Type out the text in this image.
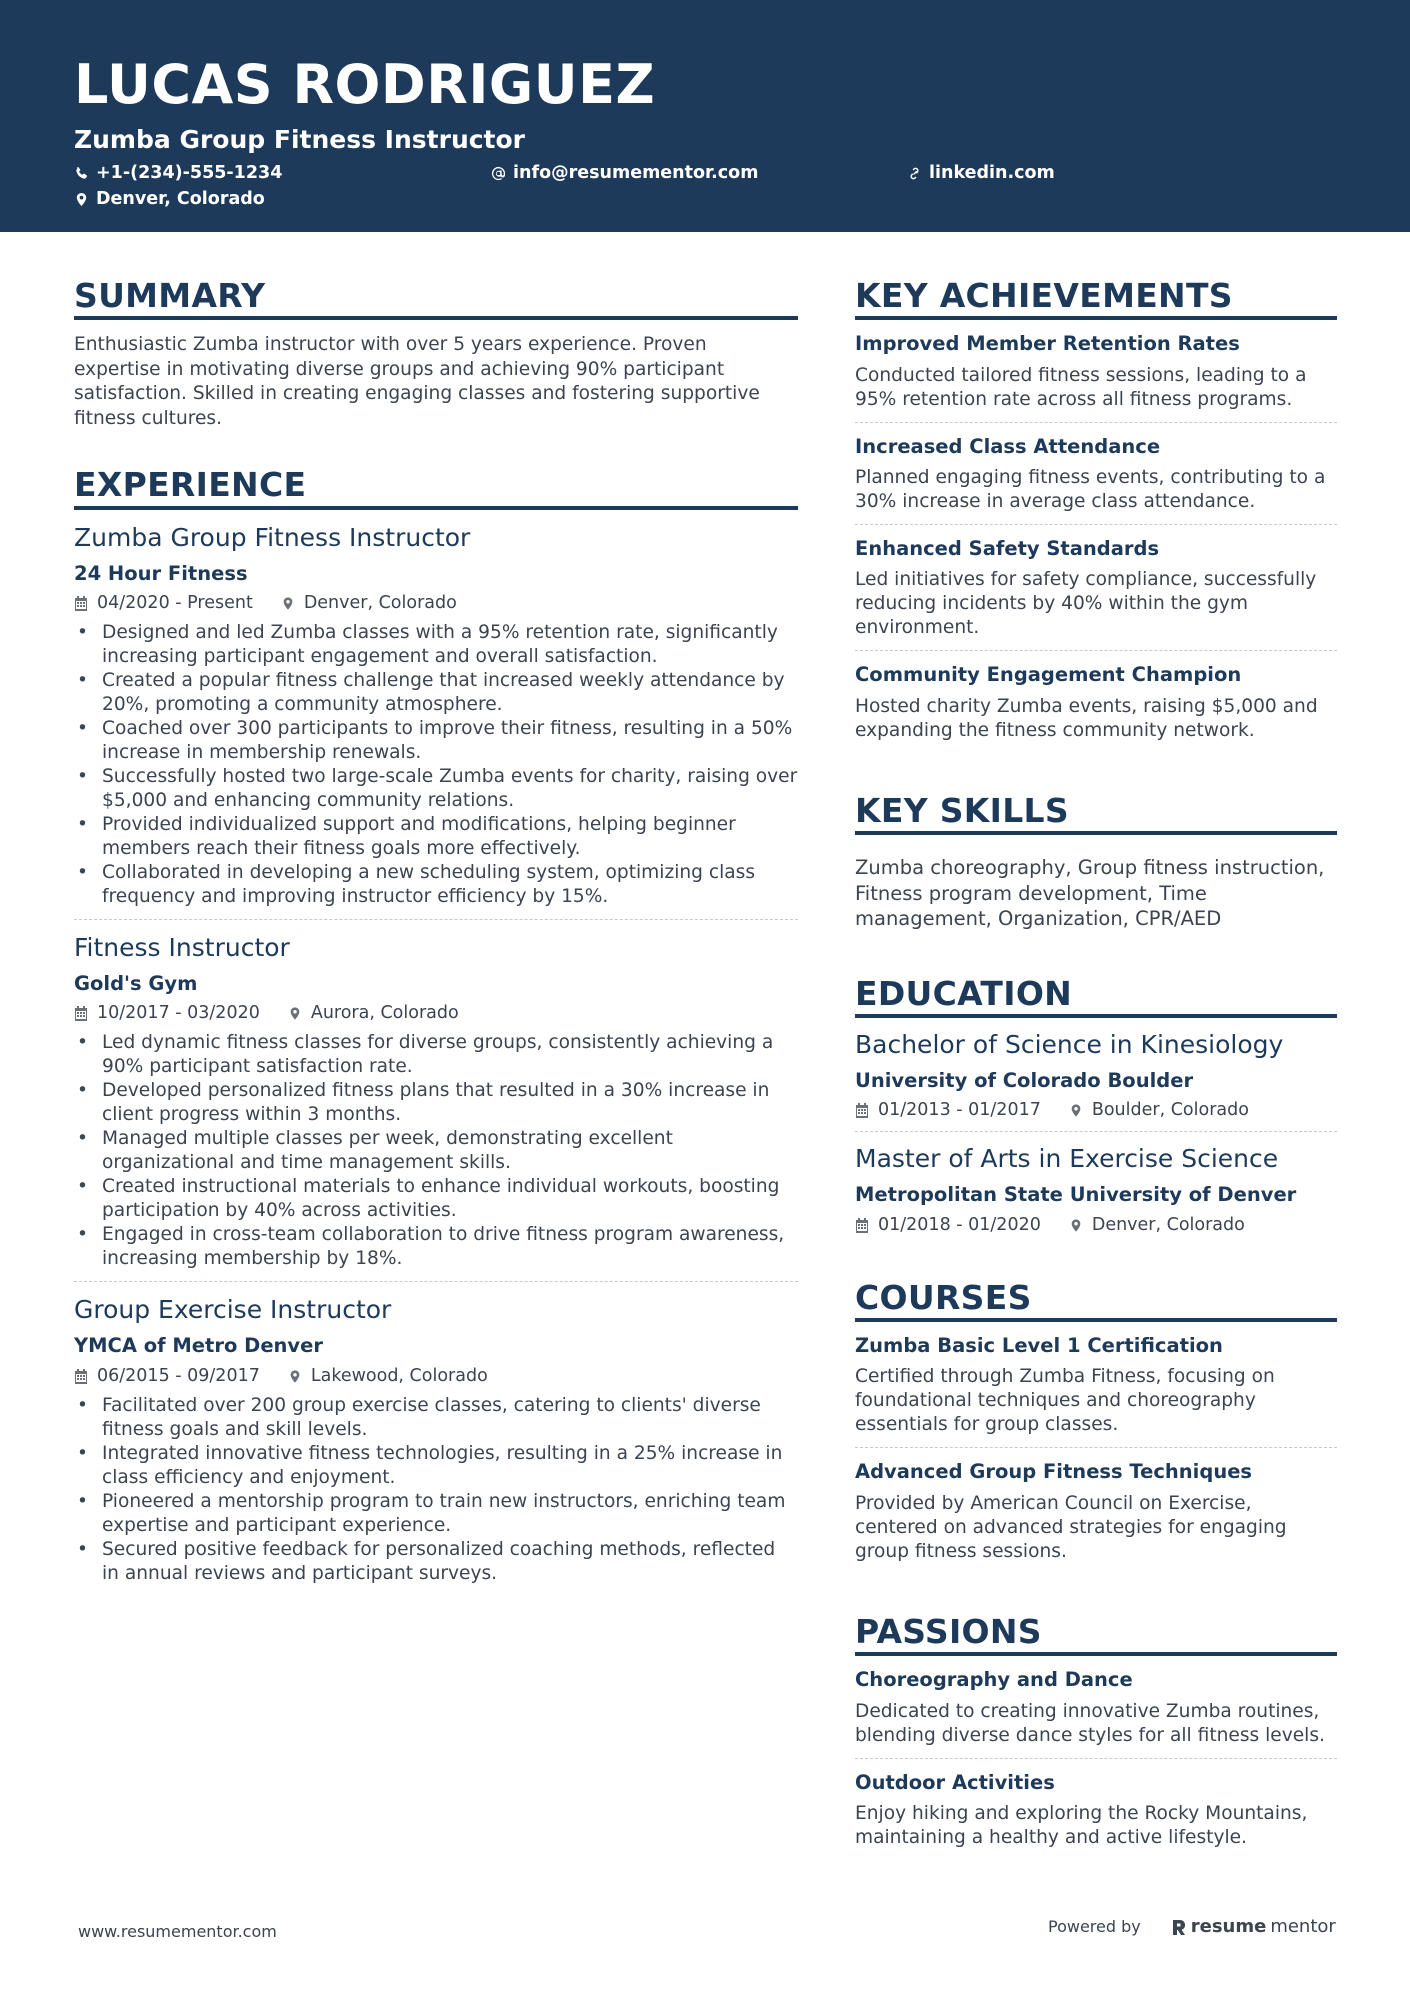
LUCAS RODRIGUEZ
Zumba Group Fitness Instructor
+1-(234)-555-1234	info@resumementor.com	linkedin.com
Denver, Colorado
SUMMARY
Enthusiastic Zumba instructor with over 5 years experience. Proven expertise in motivating diverse groups and achieving 90% participant satisfaction. Skilled in creating engaging classes and fostering supportive fitness cultures.
EXPERIENCE
Zumba Group Fitness Instructor
24 Hour Fitness
04/2020 - Present	Denver, Colorado
• Designed and led Zumba classes with a 95% retention rate, significantly increasing participant engagement and overall satisfaction.
• Created a popular fitness challenge that increased weekly attendance by 20%, promoting a community atmosphere.
• Coached over 300 participants to improve their fitness, resulting in a 50% increase in membership renewals.
• Successfully hosted two large-scale Zumba events for charity, raising over $5,000 and enhancing community relations.
• Provided individualized support and modifications, helping beginner members reach their fitness goals more effectively.
• Collaborated in developing a new scheduling system, optimizing class frequency and improving instructor efficiency by 15%.
Fitness Instructor
Gold's Gym
10/2017 - 03/2020	Aurora, Colorado
• Led dynamic fitness classes for diverse groups, consistently achieving a 90% participant satisfaction rate.
• Developed personalized fitness plans that resulted in a 30% increase in client progress within 3 months.
• Managed multiple classes per week, demonstrating excellent organizational and time management skills.
• Created instructional materials to enhance individual workouts, boosting participation by 40% across activities.
• Engaged in cross-team collaboration to drive fitness program awareness, increasing membership by 18%.
Group Exercise Instructor
YMCA of Metro Denver
06/2015 - 09/2017	Lakewood, Colorado
• Facilitated over 200 group exercise classes, catering to clients' diverse fitness goals and skill levels.
• Integrated innovative fitness technologies, resulting in a 25% increase in class efficiency and enjoyment.
• Pioneered a mentorship program to train new instructors, enriching team expertise and participant experience.
• Secured positive feedback for personalized coaching methods, reflected in annual reviews and participant surveys.
KEY ACHIEVEMENTS
Improved Member Retention Rates
Conducted tailored fitness sessions, leading to a 95% retention rate across all fitness programs.
Increased Class Attendance
Planned engaging fitness events, contributing to a 30% increase in average class attendance.
Enhanced Safety Standards
Led initiatives for safety compliance, successfully reducing incidents by 40% within the gym environment.
Community Engagement Champion
Hosted charity Zumba events, raising $5,000 and expanding the fitness community network.
KEY SKILLS
Zumba choreography, Group fitness instruction, Fitness program development, Time management, Organization, CPR/AED
EDUCATION
Bachelor of Science in Kinesiology
University of Colorado Boulder
01/2013 - 01/2017	Boulder, Colorado
Master of Arts in Exercise Science
Metropolitan State University of Denver
01/2018 - 01/2020	Denver, Colorado
COURSES
Zumba Basic Level 1 Certification
Certified through Zumba Fitness, focusing on foundational techniques and choreography essentials for group classes.
Advanced Group Fitness Techniques
Provided by American Council on Exercise, centered on advanced strategies for engaging group fitness sessions.
PASSIONS
Choreography and Dance
Dedicated to creating innovative Zumba routines, blending diverse dance styles for all fitness levels.
Outdoor Activities
Enjoy hiking and exploring the Rocky Mountains, maintaining a healthy and active lifestyle.
www.resumementor.com	Powered by	resume mentor
